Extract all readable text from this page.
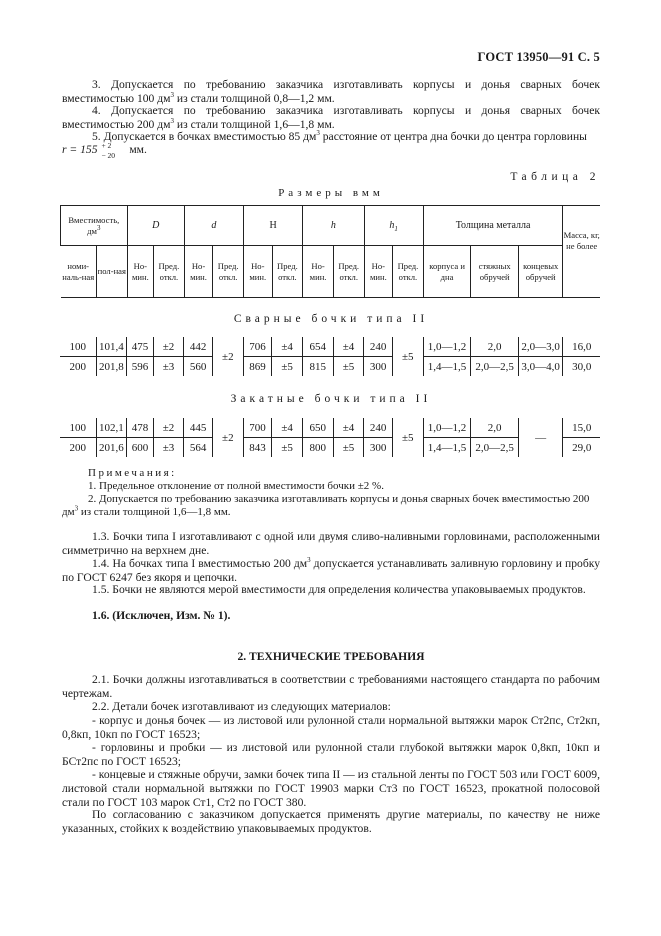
ГОСТ 13950—91 С. 5
3. Допускается по требованию заказчика изготавливать корпусы и донья сварных бочек вместимостью 100 $дм^3$ из стали толщиной 0,8—1,2 мм.
4. Допускается по требованию заказчика изготавливать корпусы и донья сварных бочек вместимостью 200 $дм^3$ из стали толщиной 1,6—1,8 мм.
5. Допускается в бочках вместимостью 85 $дм^3$ расстояние от центра дна бочки до центра горловины
r = 155 + 2
− 20 мм.
Таблица 2
Размеры вмм
Вместимость, $дм^3$		D		d		H		h		$h_1$		Толщина металла			Масса, кг, не более
номи-наль-ная	пол-ная	Но-мин.	Пред. откл.	Но-мин.	Пред. откл.	Но-мин.	Пред. откл.	Но-мин.	Пред. откл.	Но-мин.	Пред. откл.	корпуса и дна	стяжных обручей	концевых обручей	
Сварные бочки типа II
100	101,4	475	±2	442	±2	706	±4	654	±4	240	±5	1,0—1,2	2,0	2,0—3,0	16,0
200	201,8	596	±3	560		869	±5	815	±5	300		1,4—1,5	2,0—2,5	3,0—4,0	30,0
Закатные бочки типа II
100	102,1	478	±2	445	±2	700	±4	650	±4	240	±5	1,0—1,2	2,0	—	15,0
200	201,6	600	±3	564		843	±5	800	±5	300		1,4—1,5	2,0—2,5		29,0
Примечания:
1. Предельное отклонение от полной вместимости бочки ±2 %.
2. Допускается по требованию заказчика изготавливать корпусы и донья сварных бочек вместимостью 200 $дм^3$ из стали толщиной 1,6—1,8 мм.
1.3. Бочки типа I изготавливают с одной или двумя сливо-наливными горловинами, расположенными симметрично на верхнем дне.
1.4. На бочках типа I вместимостью 200 $дм^3$ допускается устанавливать заливную горловину и пробку по ГОСТ 6247 без якоря и цепочки.
1.5. Бочки не являются мерой вместимости для определения количества упаковываемых продуктов.
1.6. (Исключен, Изм. № 1).
2. ТЕХНИЧЕСКИЕ ТРЕБОВАНИЯ
2.1. Бочки должны изготавливаться в соответствии с требованиями настоящего стандарта по рабочим чертежам.
2.2. Детали бочек изготавливают из следующих материалов:
- корпус и донья бочек — из листовой или рулонной стали нормальной вытяжки марок Ст2пс, Ст2кп, 0,8кп, 10кп по ГОСТ 16523;
- горловины и пробки — из листовой или рулонной стали глубокой вытяжки марок 0,8кп, 10кп и БСт2пс по ГОСТ 16523;
- концевые и стяжные обручи, замки бочек типа II — из стальной ленты по ГОСТ 503 или ГОСТ 6009, листовой стали нормальной вытяжки по ГОСТ 19903 марки Ст3 по ГОСТ 16523, прокатной полосовой стали по ГОСТ 103 марок Ст1, Ст2 по ГОСТ 380.
По согласованию с заказчиком допускается применять другие материалы, по качеству не ниже указанных, стойких к воздействию упаковываемых продуктов.
